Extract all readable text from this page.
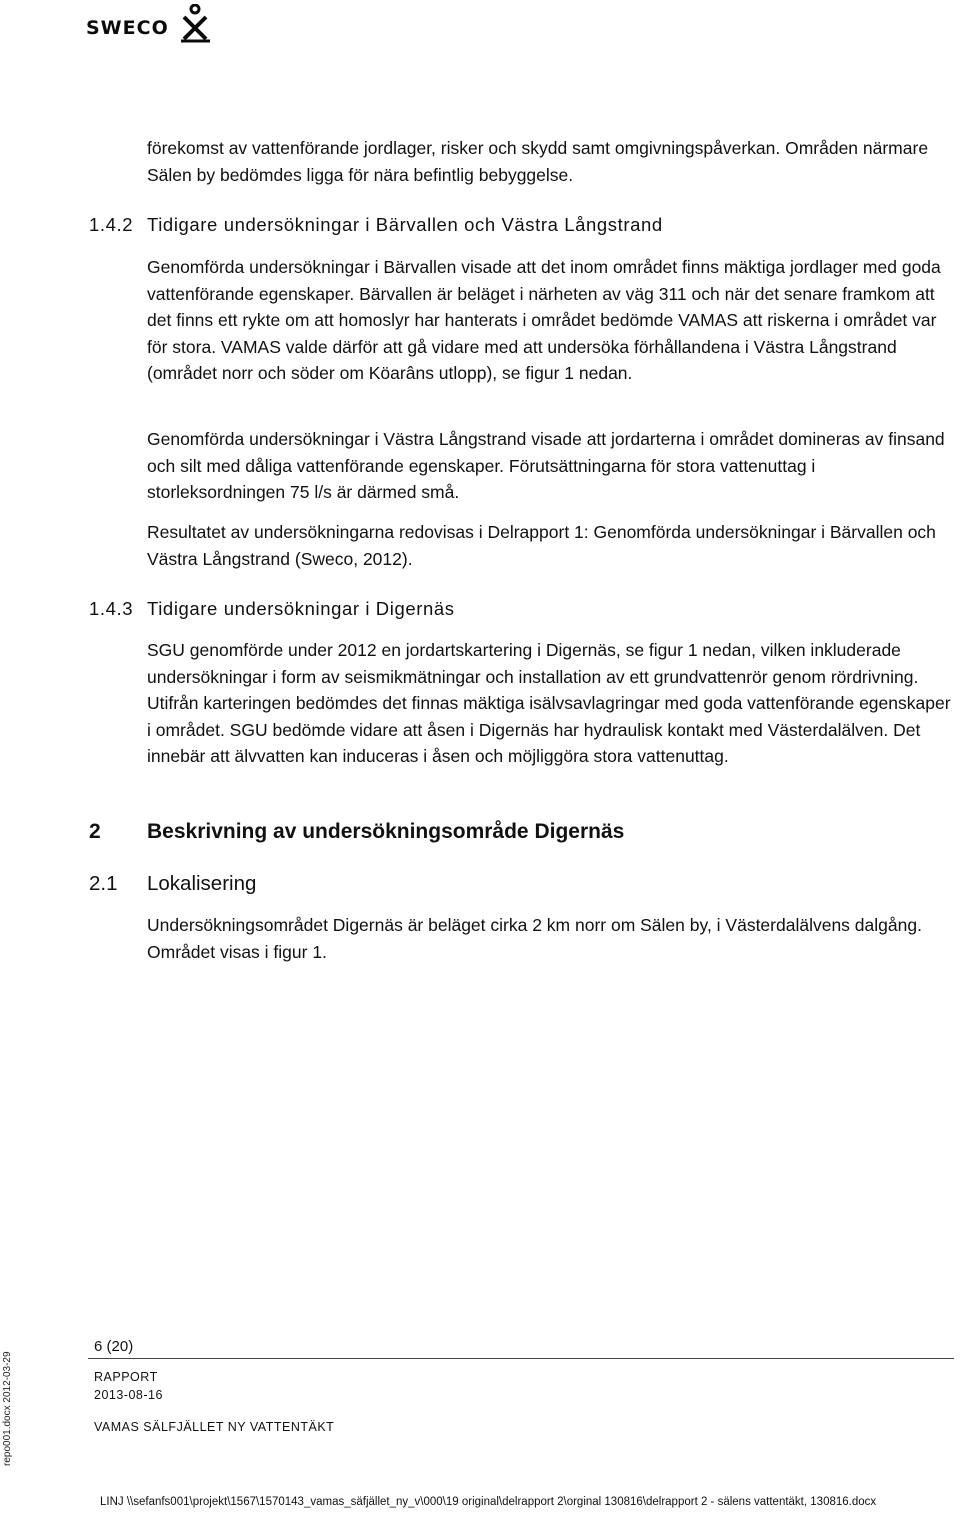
SWECO

förekomst av vattenförande jordlager, risker och skydd samt omgivningspåverkan. Områden närmare Sälen by bedömdes ligga för nära befintlig bebyggelse.

1.4.2 Tidigare undersökningar i Bärvallen och Västra Långstrand

Genomförda undersökningar i Bärvallen visade att det inom området finns mäktiga jordlager med goda vattenförande egenskaper. Bärvallen är beläget i närheten av väg 311 och när det senare framkom att det finns ett rykte om att homoslyr har hanterats i området bedömde VAMAS att riskerna i området var för stora. VAMAS valde därför att gå vidare med att undersöka förhållandena i Västra Långstrand (området norr och söder om Köarâns utlopp), se figur 1 nedan.

Genomförda undersökningar i Västra Långstrand visade att jordarterna i området domineras av finsand och silt med dåliga vattenförande egenskaper. Förutsättningarna för stora vattenuttag i storleksordningen 75 l/s är därmed små.

Resultatet av undersökningarna redovisas i Delrapport 1: Genomförda undersökningar i Bärvallen och Västra Långstrand (Sweco, 2012).

1.4.3 Tidigare undersökningar i Digernäs

SGU genomförde under 2012 en jordartskartering i Digernäs, se figur 1 nedan, vilken inkluderade undersökningar i form av seismikmätningar och installation av ett grundvattenrör genom rördrivning. Utifrån karteringen bedömdes det finnas mäktiga isälvsavlagringar med goda vattenförande egenskaper i området. SGU bedömde vidare att åsen i Digernäs har hydraulisk kontakt med Västerdalälven. Det innebär att älvvatten kan induceras i åsen och möjliggöra stora vattenuttag.

2 Beskrivning av undersökningsområde Digernäs
2.1 Lokalisering

Undersökningsområdet Digernäs är beläget cirka 2 km norr om Sälen by, i Västerdalälvens dalgång. Området visas i figur 1.

6 (20)
RAPPORT
2013-08-16
VAMAS SÄLFJÄLLET NY VATTENTÄKT
repo001.docx 2012-03-29
LINJ \\sefanfs001\projekt\1567\1570143_vamas_säfjället_ny_v\000\19 original\delrapport 2\orginal 130816\delrapport 2 - sälens vattentäkt, 130816.docx
